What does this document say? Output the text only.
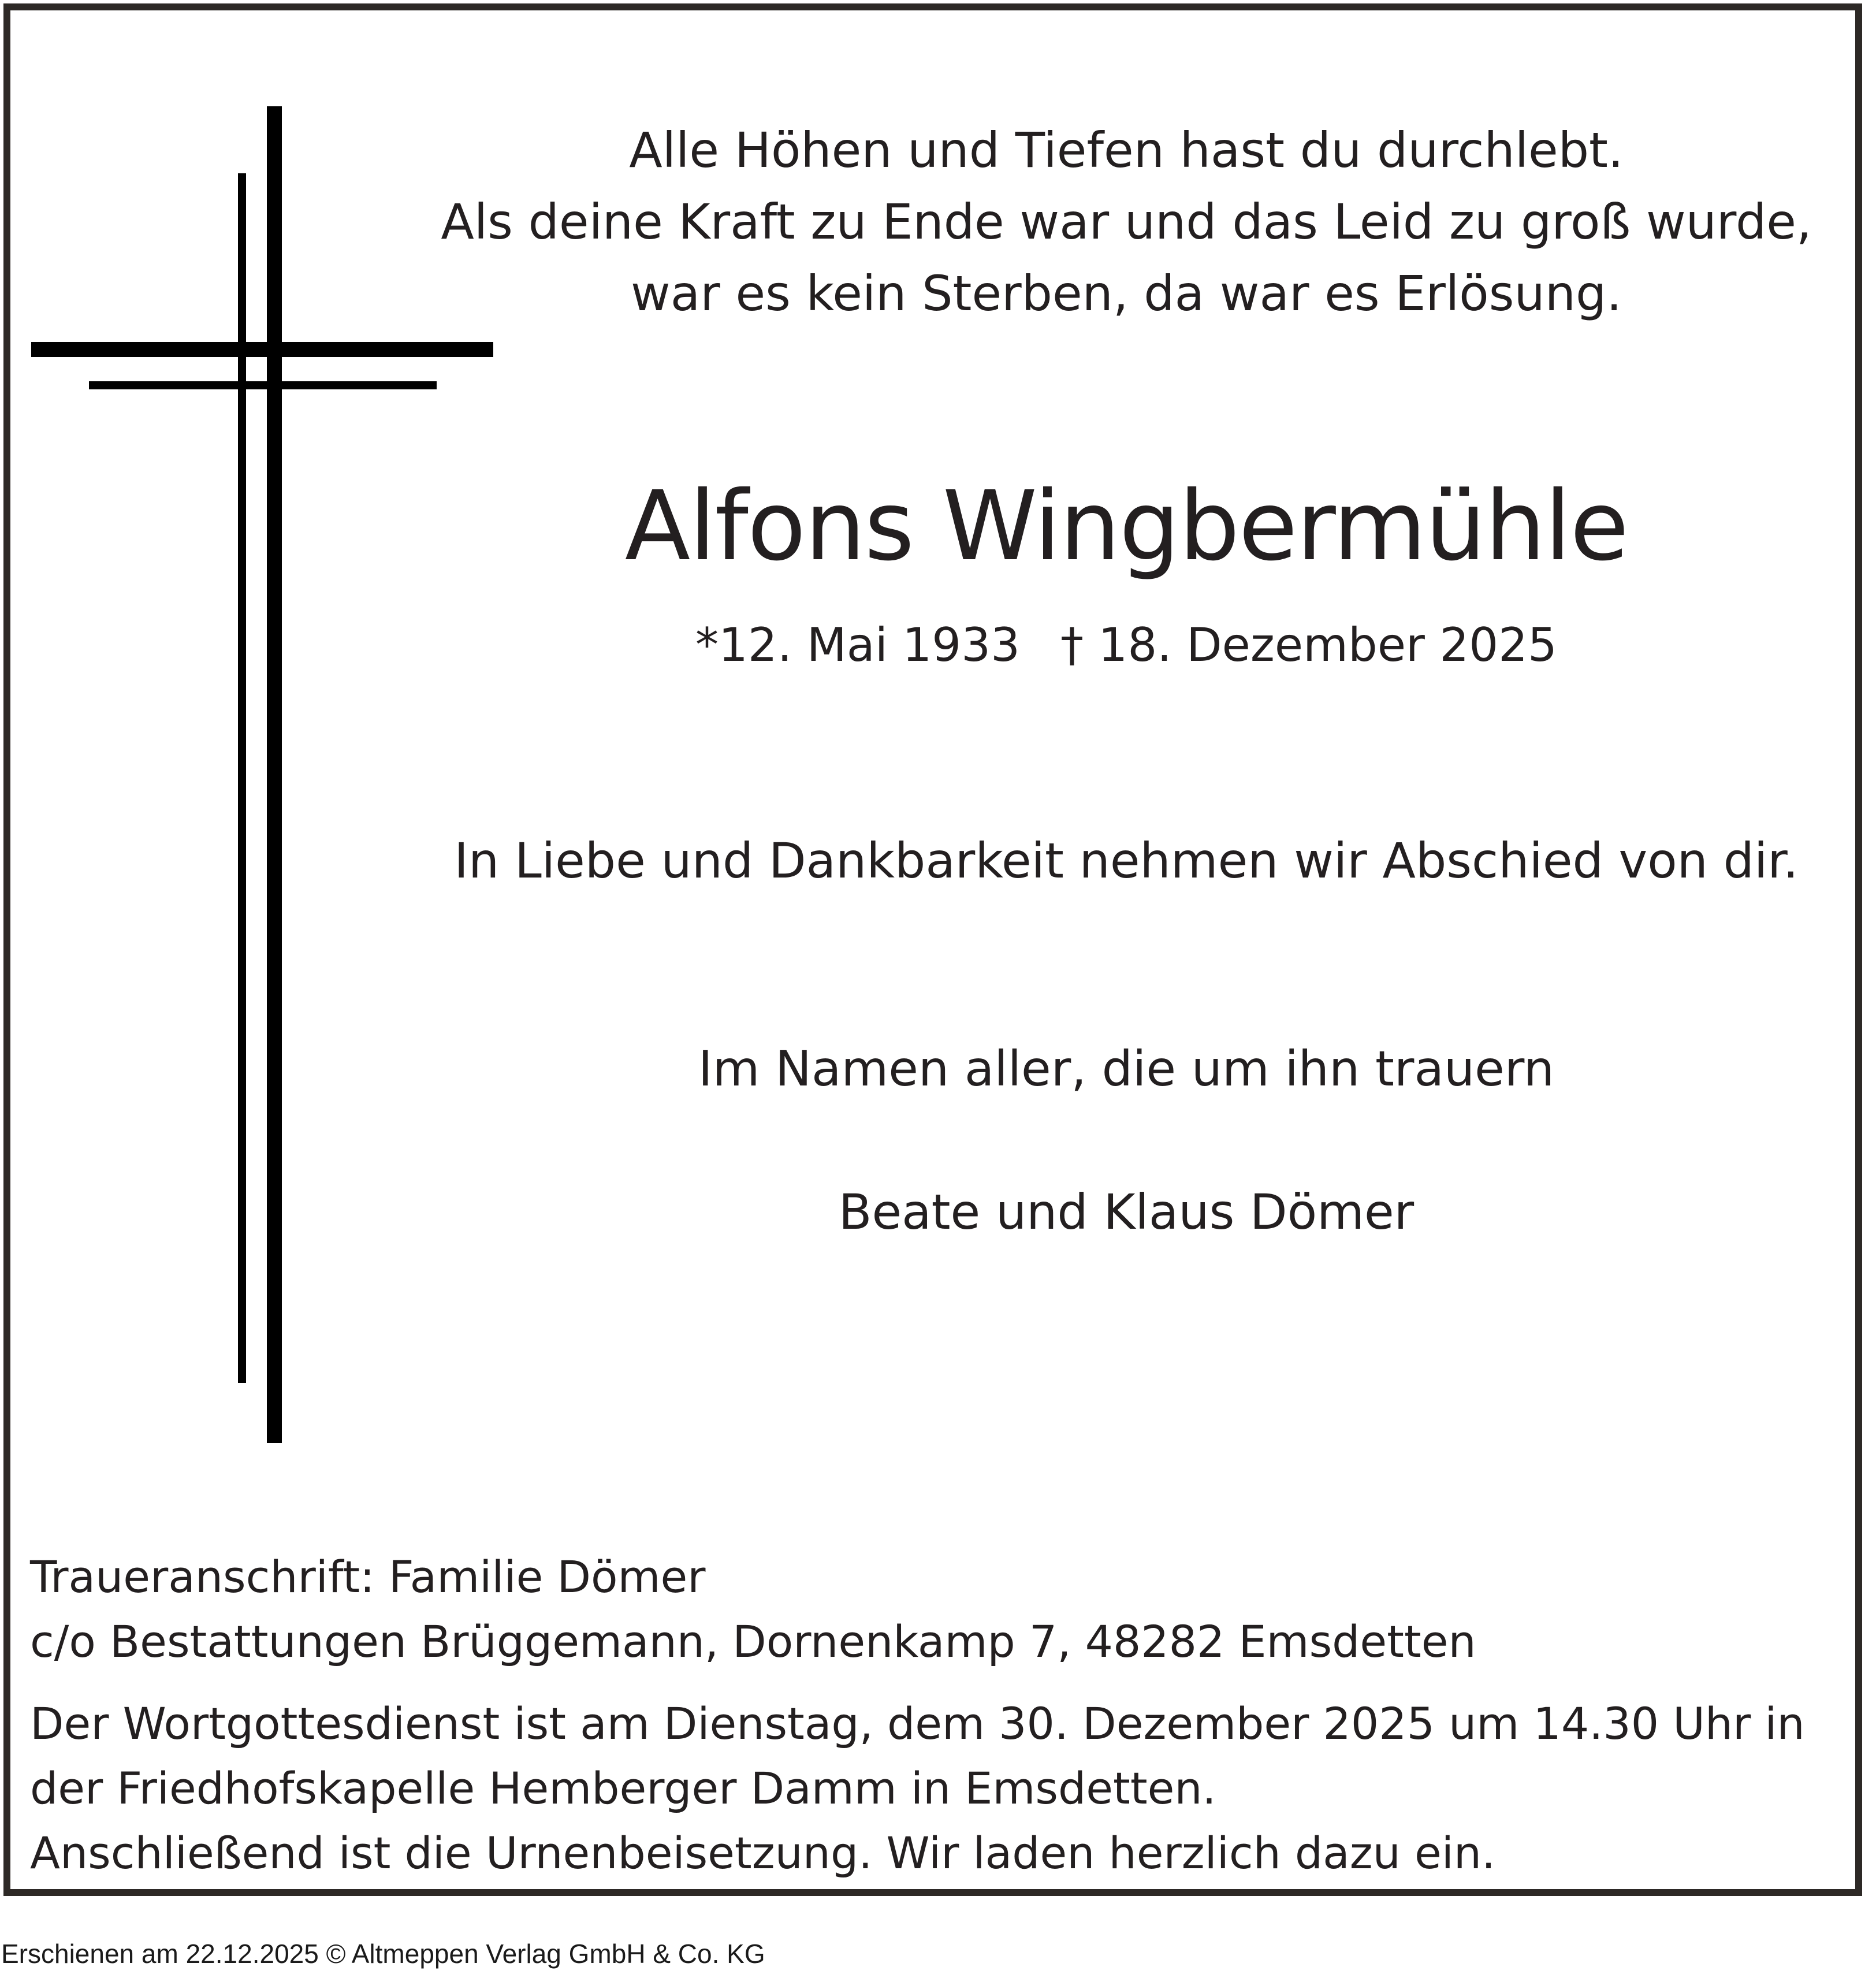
Alle Höhen und Tiefen hast du durchlebt.
Als deine Kraft zu Ende war und das Leid zu groß wurde,
war es kein Sterben, da war es Erlösung.

Alfons Wingbermühle

*12. Mai 1933 † 18. Dezember 2025

In Liebe und Dankbarkeit nehmen wir Abschied von dir.

Im Namen aller, die um ihn trauern

Beate und Klaus Dömer

Traueranschrift: Familie Dömer
c/o Bestattungen Brüggemann, Dornenkamp 7, 48282 Emsdetten

Der Wortgottesdienst ist am Dienstag, dem 30. Dezember 2025 um 14.30 Uhr in
der Friedhofskapelle Hemberger Damm in Emsdetten.
Anschließend ist die Urnenbeisetzung. Wir laden herzlich dazu ein.

Erschienen am 22.12.2025 © Altmeppen Verlag GmbH & Co. KG
